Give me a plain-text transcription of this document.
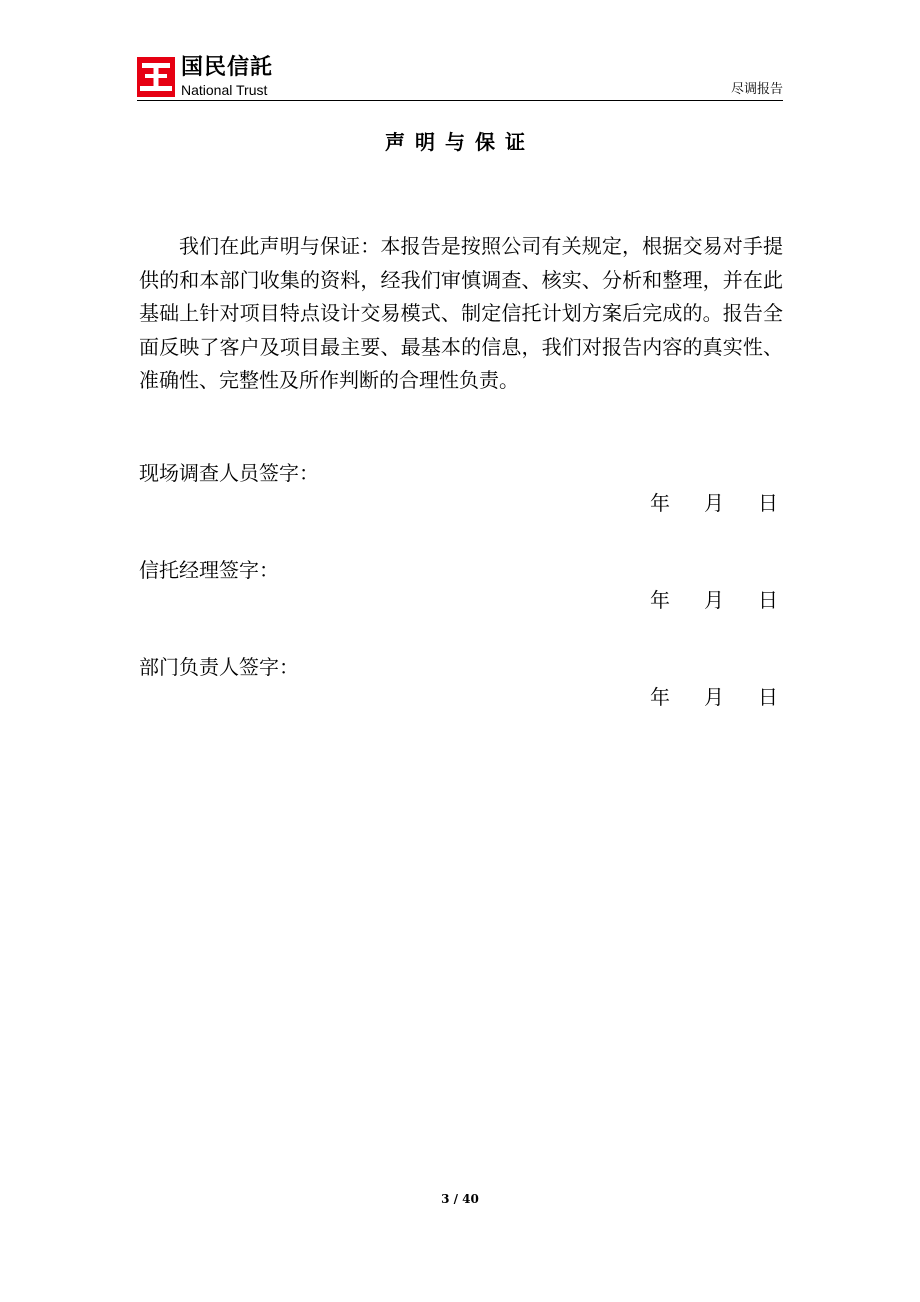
国民信託
National Trust	尽调报告
声明与保证
我们在此声明与保证：本报告是按照公司有关规定，根据交易对手提供的和本部门收集的资料，经我们审慎调查、核实、分析和整理，并在此基础上针对项目特点设计交易模式、制定信托计划方案后完成的。报告全面反映了客户及项目最主要、最基本的信息，我们对报告内容的真实性、准确性、完整性及所作判断的合理性负责。
现场调查人员签字：
年 月 日
信托经理签字：
年 月 日
部门负责人签字：
年 月 日
3 / 40
